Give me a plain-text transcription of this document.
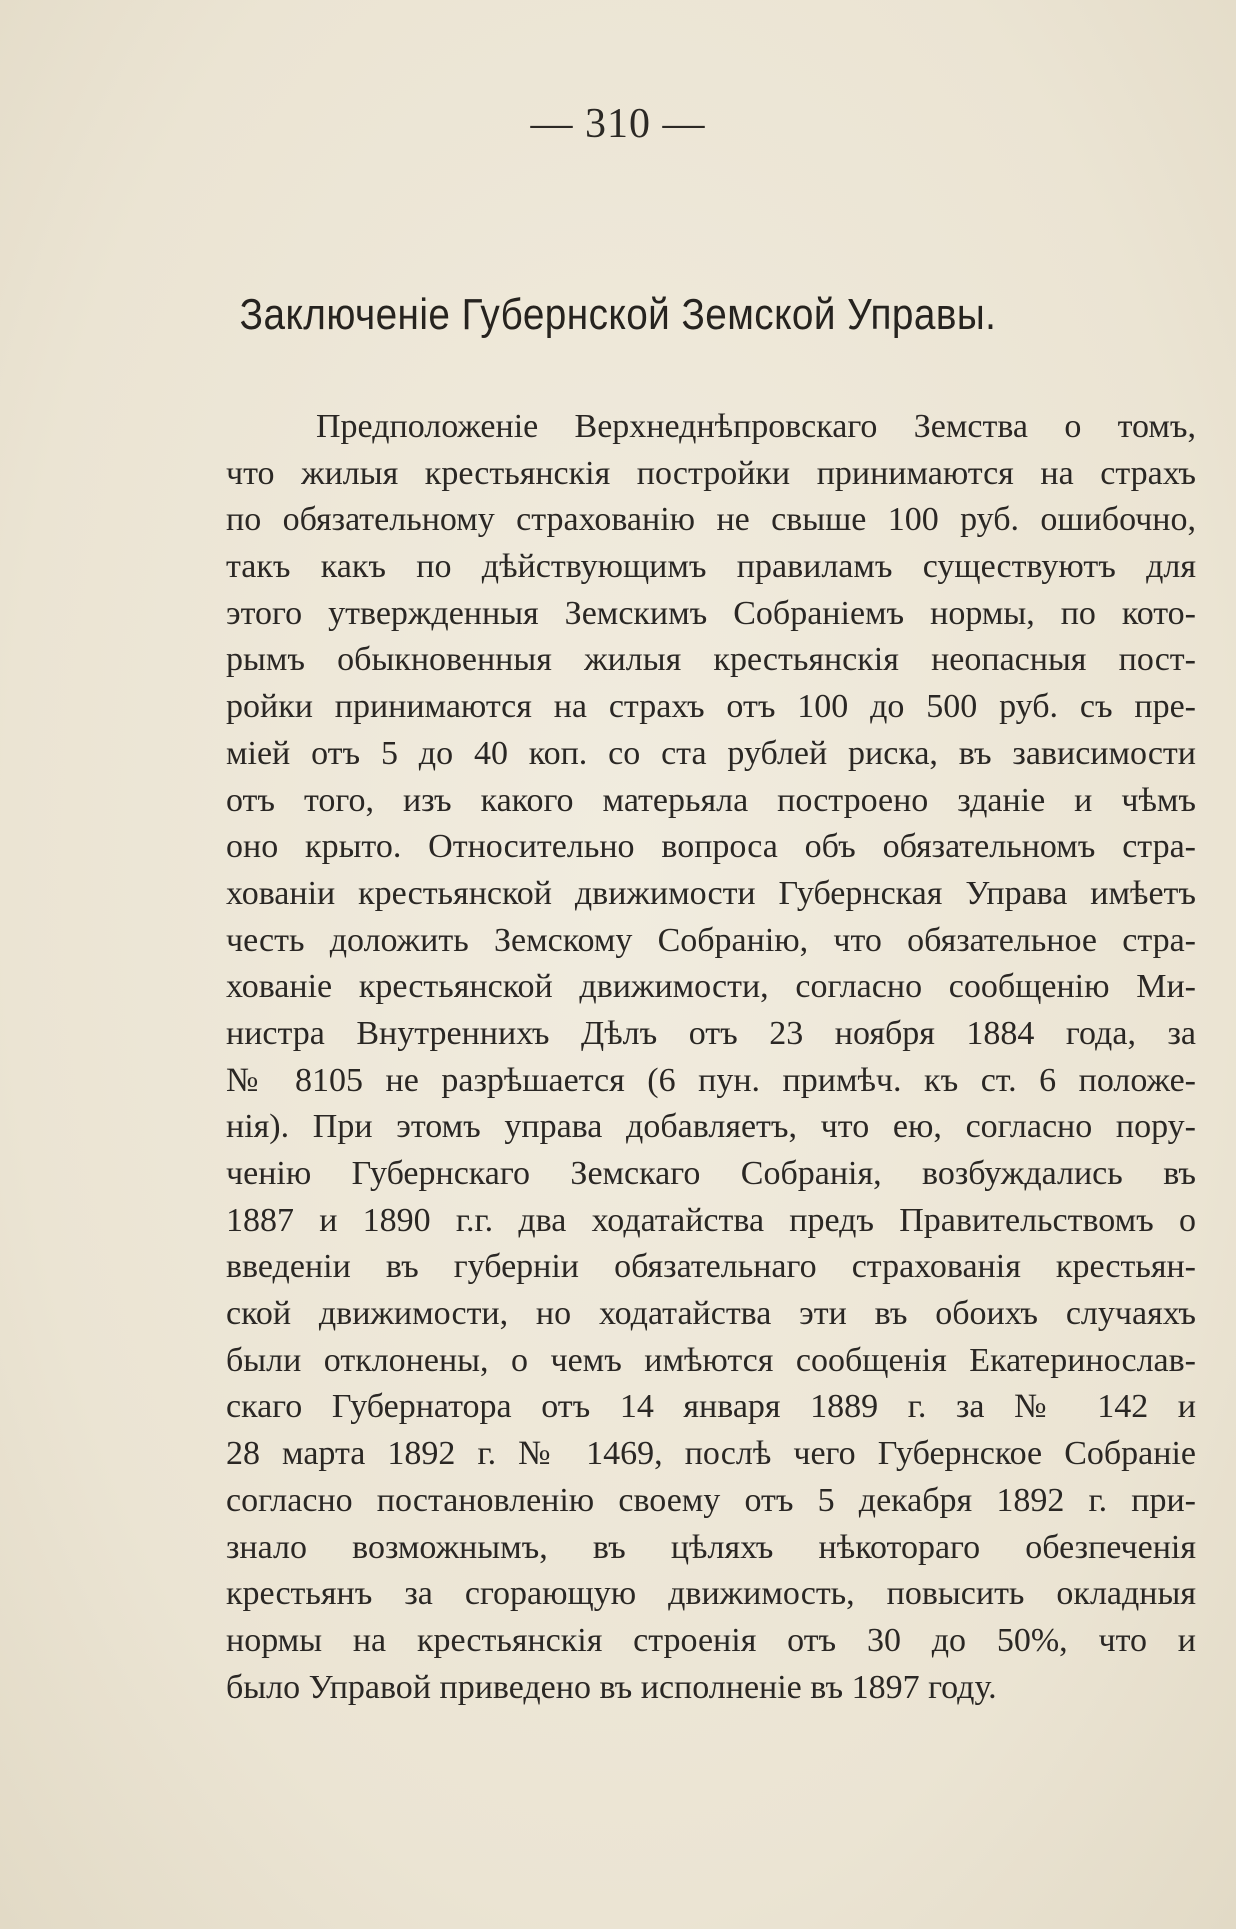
— 310 —
Заключеніе Губернской Земской Управы.
Предположеніе Верхнеднѣпровскаго Земства о томъ,
что жилыя крестьянскія постройки принимаются на страхъ
по обязательному страхованію не свыше 100 руб. ошибочно,
такъ какъ по дѣйствующимъ правиламъ существуютъ для
этого утвержденныя Земскимъ Собраніемъ нормы, по кото-
рымъ обыкновенныя жилыя крестьянскія неопасныя пост-
ройки принимаются на страхъ отъ 100 до 500 руб. съ пре-
міей отъ 5 до 40 коп. со ста рублей риска, въ зависимости
отъ того, изъ какого матерьяла построено зданіе и чѣмъ
оно крыто. Относительно вопроса объ обязательномъ стра-
хованіи крестьянской движимости Губернская Управа имѣетъ
честь доложить Земскому Собранію, что обязательное стра-
хованіе крестьянской движимости, согласно сообщенію Ми-
нистра Внутреннихъ Дѣлъ отъ 23 ноября 1884 года, за
№ 8105 не разрѣшается (6 пун. примѣч. къ ст. 6 положе-
нія). При этомъ управа добавляетъ, что ею, согласно пору-
ченію Губернскаго Земскаго Собранія, возбуждались въ
1887 и 1890 г.г. два ходатайства предъ Правительствомъ о
введеніи въ губерніи обязательнаго страхованія крестьян-
ской движимости, но ходатайства эти въ обоихъ случаяхъ
были отклонены, о чемъ имѣются сообщенія Екатеринослав-
скаго Губернатора отъ 14 января 1889 г. за № 142 и
28 марта 1892 г. № 1469, послѣ чего Губернское Собраніе
согласно постановленію своему отъ 5 декабря 1892 г. при-
знало возможнымъ, въ цѣляхъ нѣкотораго обезпеченія
крестьянъ за сгорающую движимость, повысить окладныя
нормы на крестьянскія строенія отъ 30 до 50%, что и
было Управой приведено въ исполненіе въ 1897 году.
